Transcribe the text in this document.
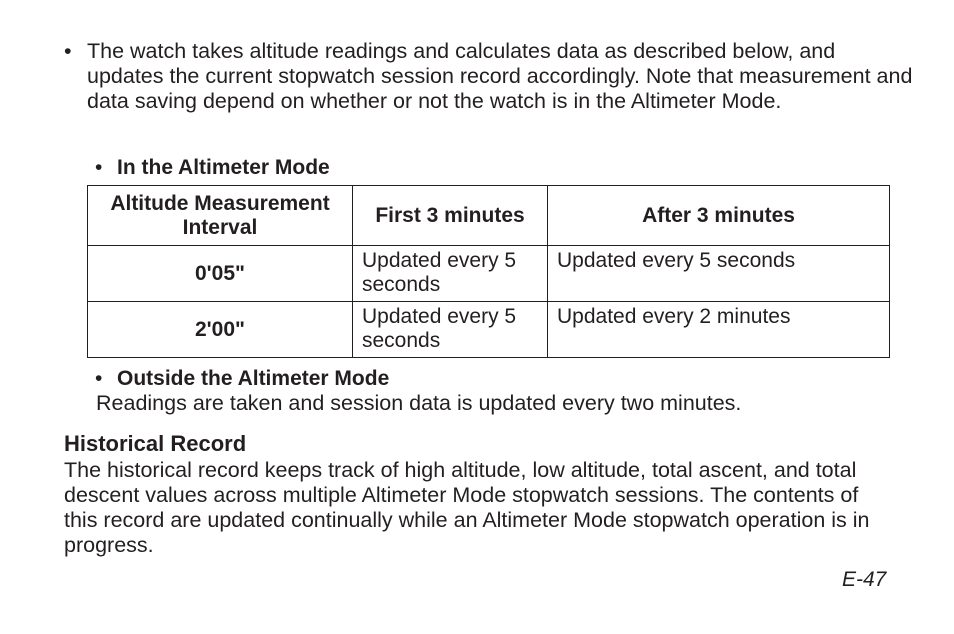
• The watch takes altitude readings and calculates data as described below, and updates the current stopwatch session record accordingly. Note that measurement and data saving depend on whether or not the watch is in the Altimeter Mode.
• In the Altimeter Mode
Altitude Measurement Interval	First 3 minutes	After 3 minutes
0'05"	Updated every 5 seconds	Updated every 5 seconds
2'00"	Updated every 5 seconds	Updated every 2 minutes
• Outside the Altimeter Mode
Readings are taken and session data is updated every two minutes.
Historical Record
The historical record keeps track of high altitude, low altitude, total ascent, and total descent values across multiple Altimeter Mode stopwatch sessions. The contents of this record are updated continually while an Altimeter Mode stopwatch operation is in progress.
E-47
